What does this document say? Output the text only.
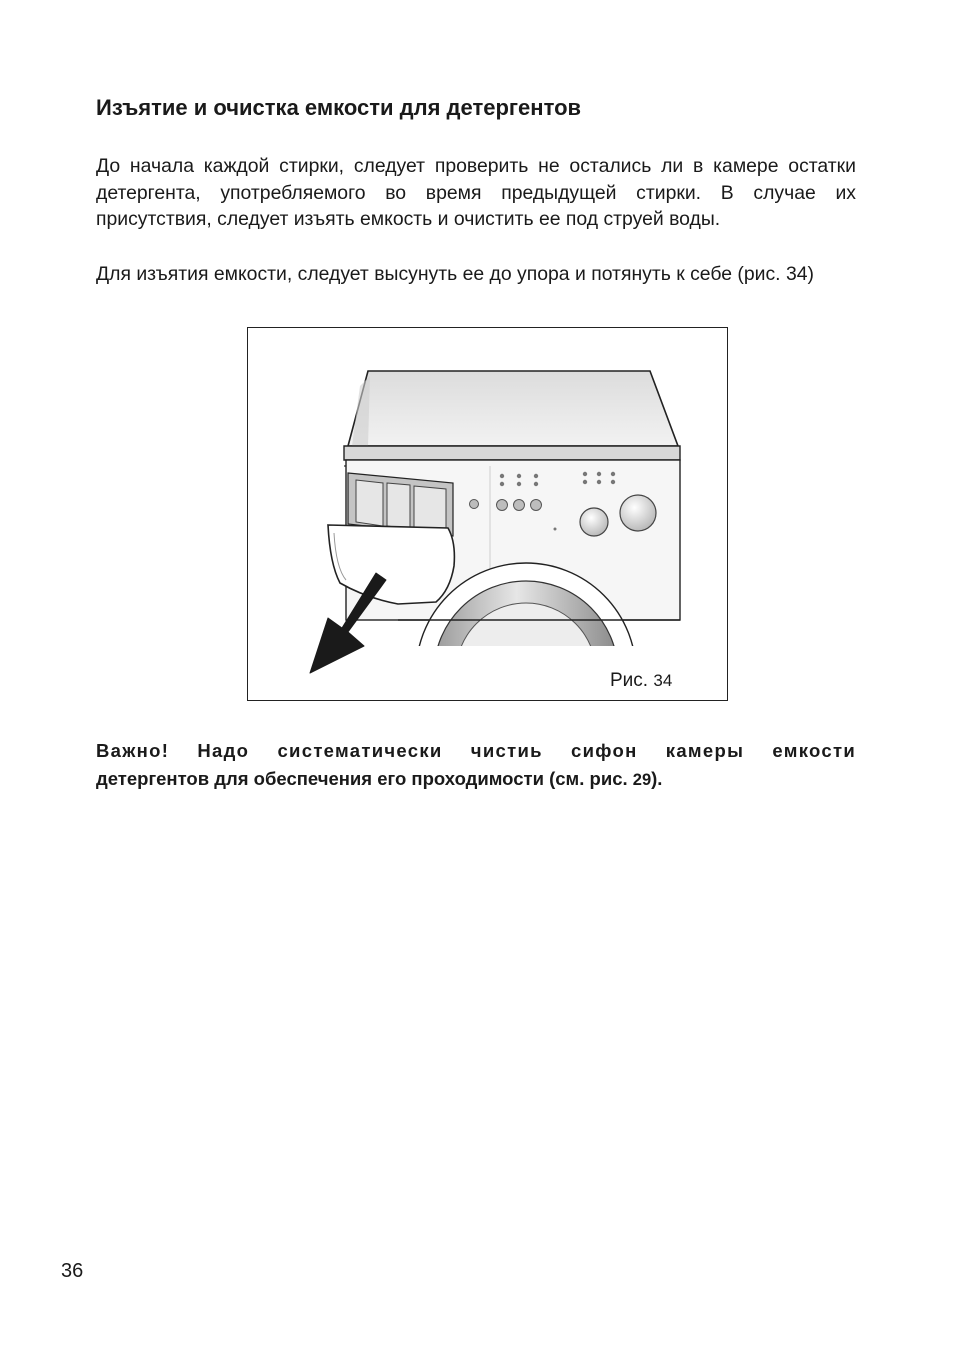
Изъятие и очистка емкости для детергентов

До начала каждой стирки, следует проверить не остались ли в камере остатки детергента, употребляемого во время предыдущей стирки. В случае их присутствия, следует изъять емкость и очистить ее под струей воды.

Для изъятия емкости, следует высунуть ее до упора и потянуть к себе (рис. 34)

Рис. 34

Важно! Надо систематически чистиь сифон камеры емкости
детергентов для обеспечения его проходимости (см. рис. 29).

36
